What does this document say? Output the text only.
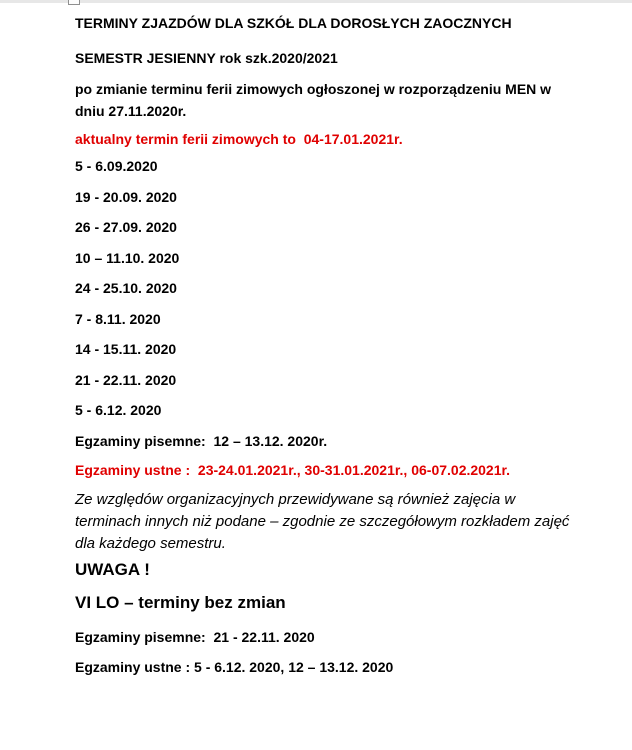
TERMINY ZJAZDÓW DLA SZKÓŁ DLA DOROSŁYCH ZAOCZNYCH

SEMESTR JESIENNY rok szk.2020/2021

po zmianie terminu ferii zimowych ogłoszonej w rozporządzeniu MEN w dniu 27.11.2020r.

aktualny termin ferii zimowych to  04-17.01.2021r.

5 - 6.09.2020

19 - 20.09. 2020

26 - 27.09. 2020

10 – 11.10. 2020

24 - 25.10. 2020

7 - 8.11. 2020

14 - 15.11. 2020

21 - 22.11. 2020

5 - 6.12. 2020

Egzaminy pisemne:  12 – 13.12. 2020r.

Egzaminy ustne :  23-24.01.2021r., 30-31.01.2021r., 06-07.02.2021r.

Ze względów organizacyjnych przewidywane są również zajęcia w terminach innych niż podane – zgodnie ze szczegółowym rozkładem zajęć dla każdego semestru.

UWAGA !

VI LO – terminy bez zmian

Egzaminy pisemne:  21 - 22.11. 2020

Egzaminy ustne : 5 - 6.12. 2020, 12 – 13.12. 2020
